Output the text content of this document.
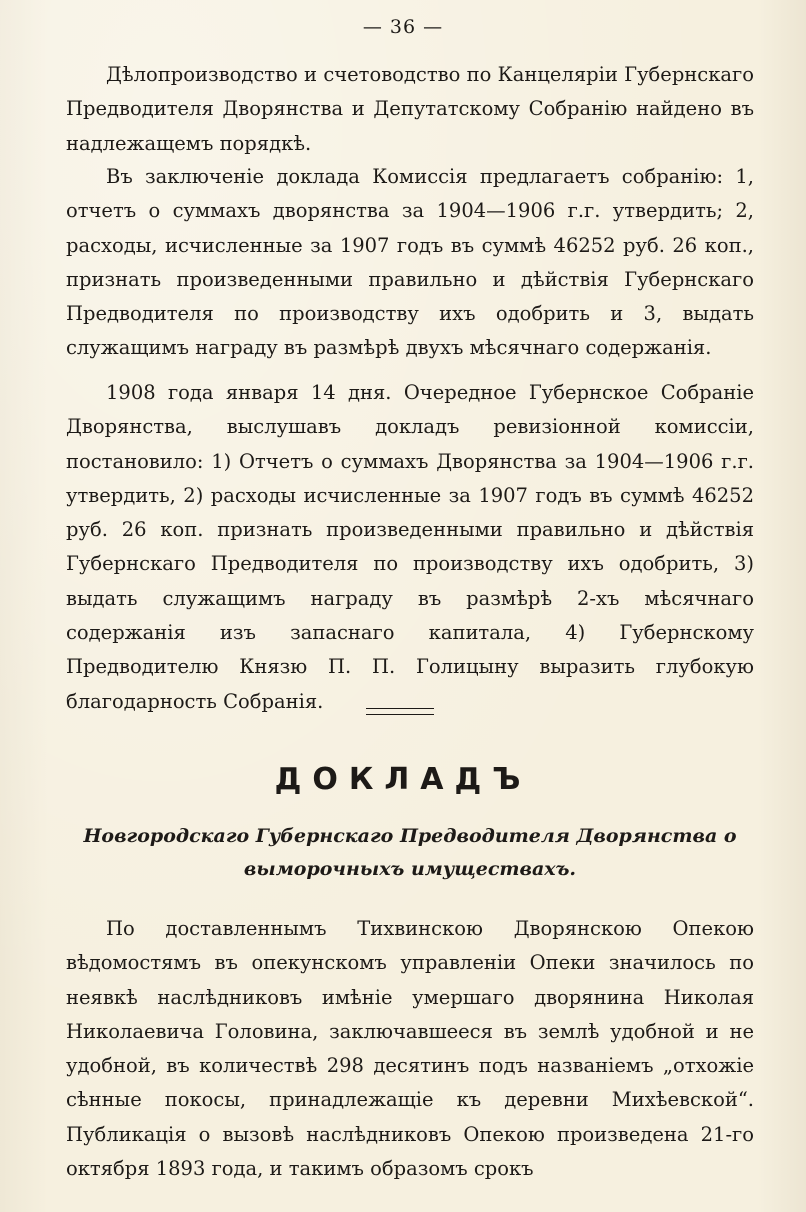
— 36 —

Дѣлопроизводство и счетоводство по Канцеляріи Губернскаго Предводителя Дворянства и Депутатскому Собранію найдено въ надлежащемъ порядкѣ.

Въ заключеніе доклада Комиссія предлагаетъ собранію: 1, отчетъ о суммахъ дворянства за 1904—1906 г.г. утвердить; 2, расходы, исчисленные за 1907 годъ въ суммѣ 46252 руб. 26 коп., признать произведенными правильно и дѣйствія Губернскаго Предводителя по производству ихъ одобрить и 3, выдать служащимъ награду въ размѣрѣ двухъ мѣсячнаго содержанія.

1908 года января 14 дня. Очередное Губернское Собраніе Дворянства, выслушавъ докладъ ревизіонной комиссіи, постановило: 1) Отчетъ о суммахъ Дворянства за 1904—1906 г.г. утвердить, 2) расходы исчисленные за 1907 годъ въ суммѣ 46252 руб. 26 коп. признать произведенными правильно и дѣйствія Губернскаго Предводителя по производству ихъ одобрить, 3) выдать служащимъ награду въ размѣрѣ 2-хъ мѣсячнаго содержанія изъ запаснаго капитала, 4) Губернскому Предводителю Князю П. П. Голицыну выразить глубокую благодарность Собранія.

ДОКЛАДЪ
Новгородскаго Губернскаго Предводителя Дворянства о
выморочныхъ имуществахъ.

По доставленнымъ Тихвинскою Дворянскою Опекою вѣдомостямъ въ опекунскомъ управленіи Опеки значилось по неявкѣ наслѣдниковъ имѣніе умершаго дворянина Николая Николаевича Головина, заключавшееся въ землѣ удобной и не удобной, въ количествѣ 298 десятинъ подъ названіемъ „отхожіе сѣнные покосы, принадлежащіе къ деревни Михѣевской“. Публикація о вызовѣ наслѣдниковъ Опекою произведена 21-го октября 1893 года, и такимъ образомъ срокъ
